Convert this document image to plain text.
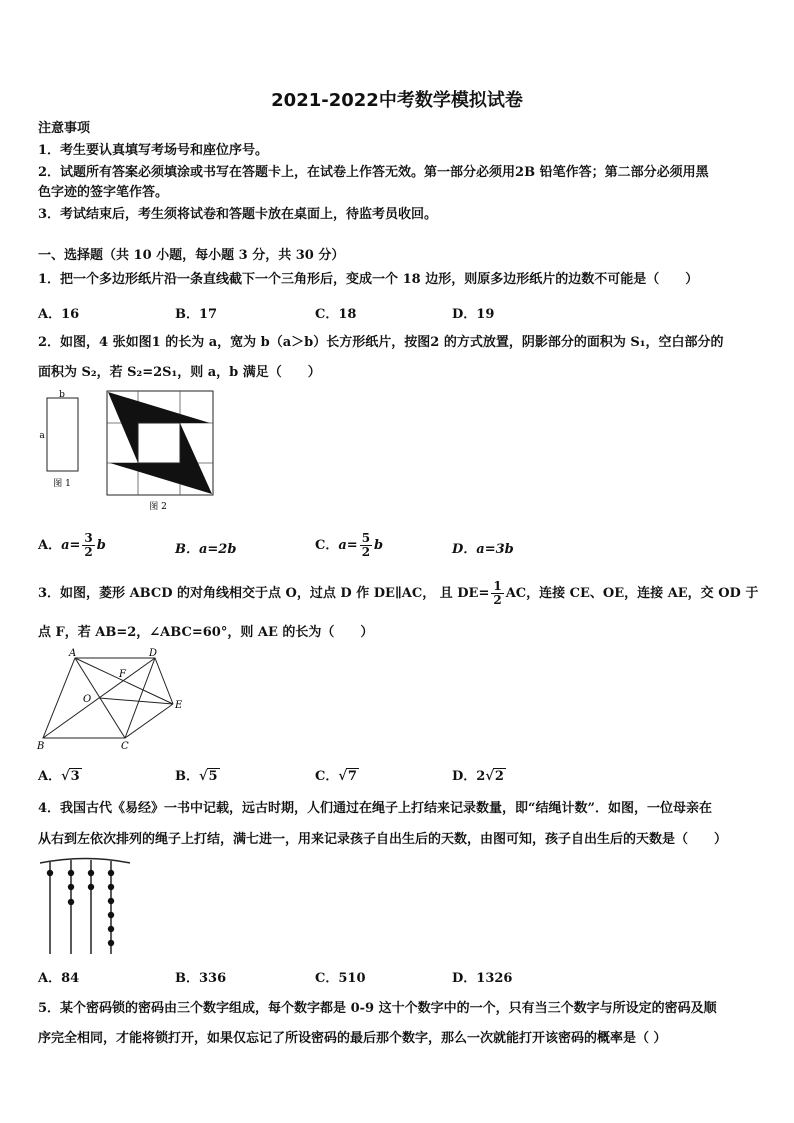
2021-2022中考数学模拟试卷
注意事项
1．考生要认真填写考场号和座位序号。
2．试题所有答案必须填涂或书写在答题卡上，在试卷上作答无效。第一部分必须用2B 铅笔作答；第二部分必须用黑
色字迹的签字笔作答。
3．考试结束后，考生须将试卷和答题卡放在桌面上，待监考员收回。
一、选择题（共 10 小题，每小题 3 分，共 30 分）
1．把一个多边形纸片沿一条直线截下一个三角形后，变成一个 18 边形，则原多边形纸片的边数不可能是（　　）
A．16	B．17	C．18	D．19
2．如图，4 张如图1 的长为 a，宽为 b（a＞b）长方形纸片，按图2 的方式放置，阴影部分的面积为 S₁，空白部分的
面积为 S₂，若 S₂=2S₁，则 a，b 满足（　　）
b
a
图 1
图 2
A．$a= \frac{3}{2}$ b	B．a=2b	C．$a= \frac{5}{2}$ b	D．a=3b
3．如图，菱形 ABCD 的对角线相交于点 O，过点 D 作 DE∥AC， 且 $DE= \frac{1}{2}$ AC，连接 CE、OE，连接 AE，交 OD 于
点 F，若 AB=2，∠ABC=60°，则 AE 的长为（　　）
A	D
F
O
E
B	C
A．√3	B．√5	C．√7	D．2√2
4．我国古代《易经》一书中记载，远古时期，人们通过在绳子上打结来记录数量，即“结绳计数”．如图，一位母亲在
从右到左依次排列的绳子上打结，满七进一，用来记录孩子自出生后的天数，由图可知，孩子自出生后的天数是（　　）
A．84	B．336	C．510	D．1326
5．某个密码锁的密码由三个数字组成，每个数字都是 0-9 这十个数字中的一个，只有当三个数字与所设定的密码及顺
序完全相同，才能将锁打开，如果仅忘记了所设密码的最后那个数字，那么一次就能打开该密码的概率是（ ）
